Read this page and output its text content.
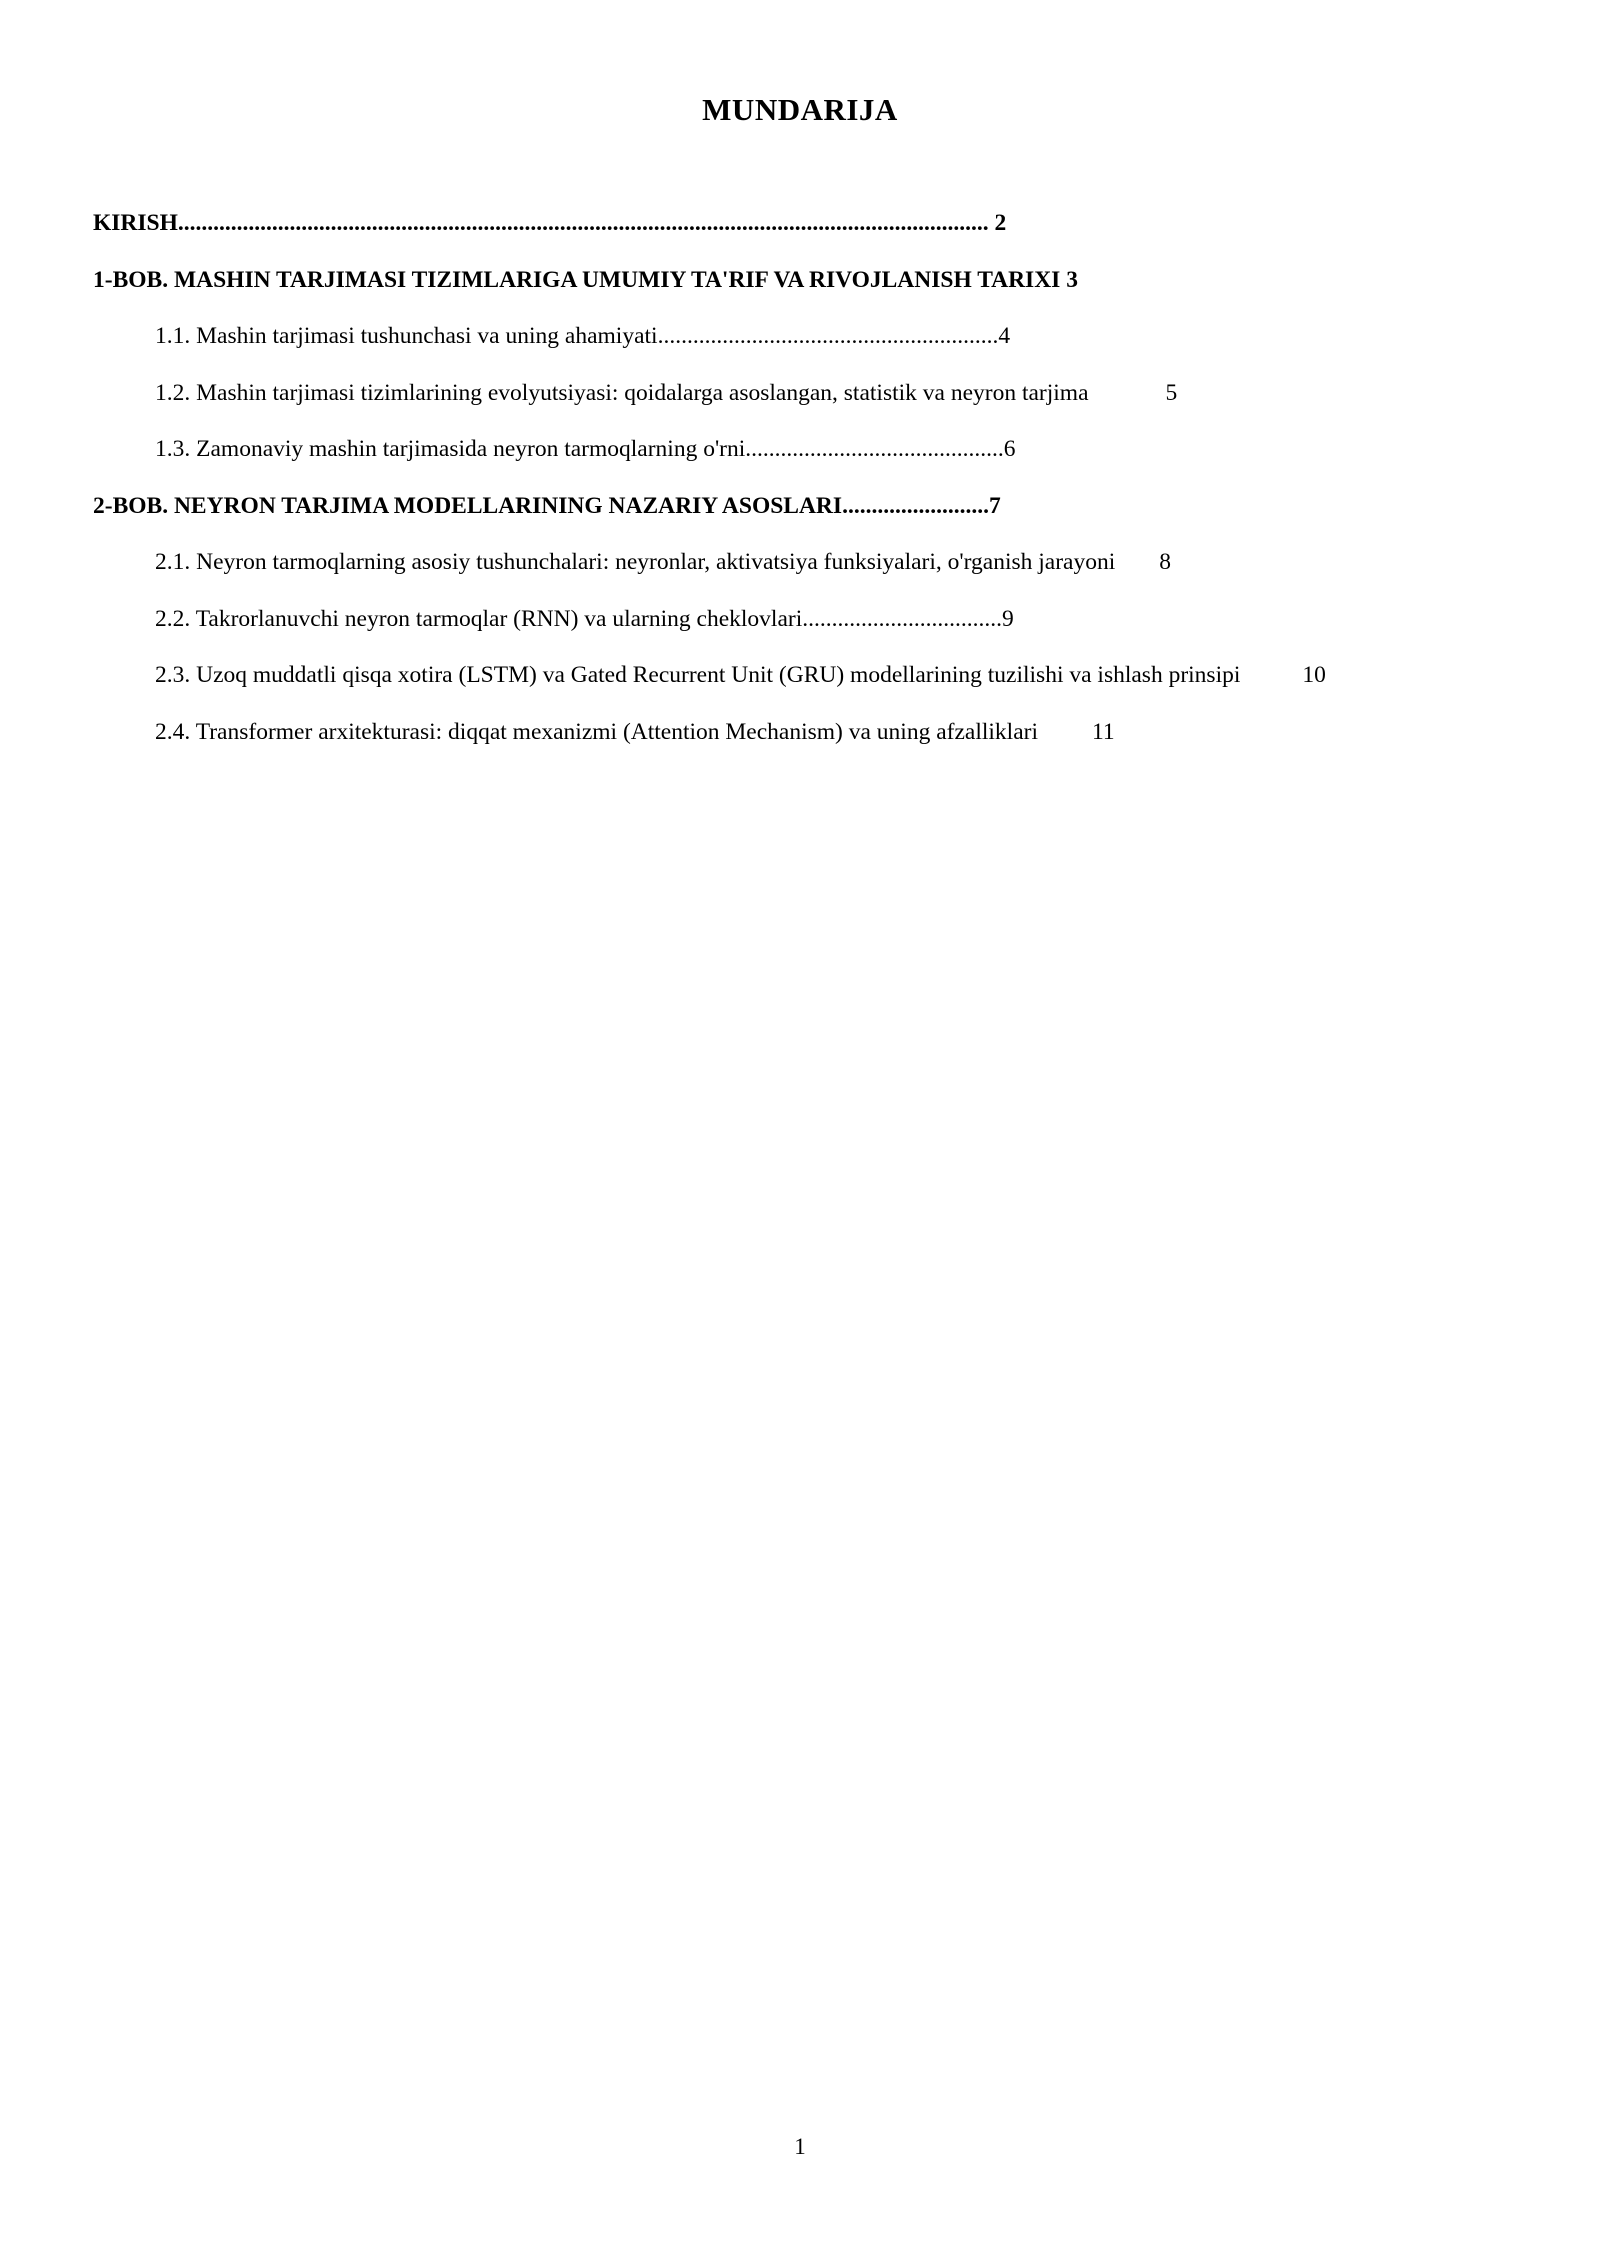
MUNDARIJA
KIRISH.......................................................................................................................................... 2
1-BOB. MASHIN TARJIMASI TIZIMLARIGA UMUMIY TA'RIF VA RIVOJLANISH TARIXI 3
1.1. Mashin tarjimasi tushunchasi va uning ahamiyati..........................................................4
1.2. Mashin tarjimasi tizimlarining evolyutsiyasi: qoidalarga asoslangan, statistik va neyron tarjima	5
1.3. Zamonaviy mashin tarjimasida neyron tarmoqlarning o'rni............................................6
2-BOB. NEYRON TARJIMA MODELLARINING NAZARIY ASOSLARI.........................7
2.1. Neyron tarmoqlarning asosiy tushunchalari: neyronlar, aktivatsiya funksiyalari, o'rganish jarayoni 8
2.2. Takrorlanuvchi neyron tarmoqlar (RNN) va ularning cheklovlari..................................9
2.3. Uzoq muddatli qisqa xotira (LSTM) va Gated Recurrent Unit (GRU) modellarining tuzilishi va ishlash prinsipi	10
2.4. Transformer arxitekturasi: diqqat mexanizmi (Attention Mechanism) va uning afzalliklari 11
1
